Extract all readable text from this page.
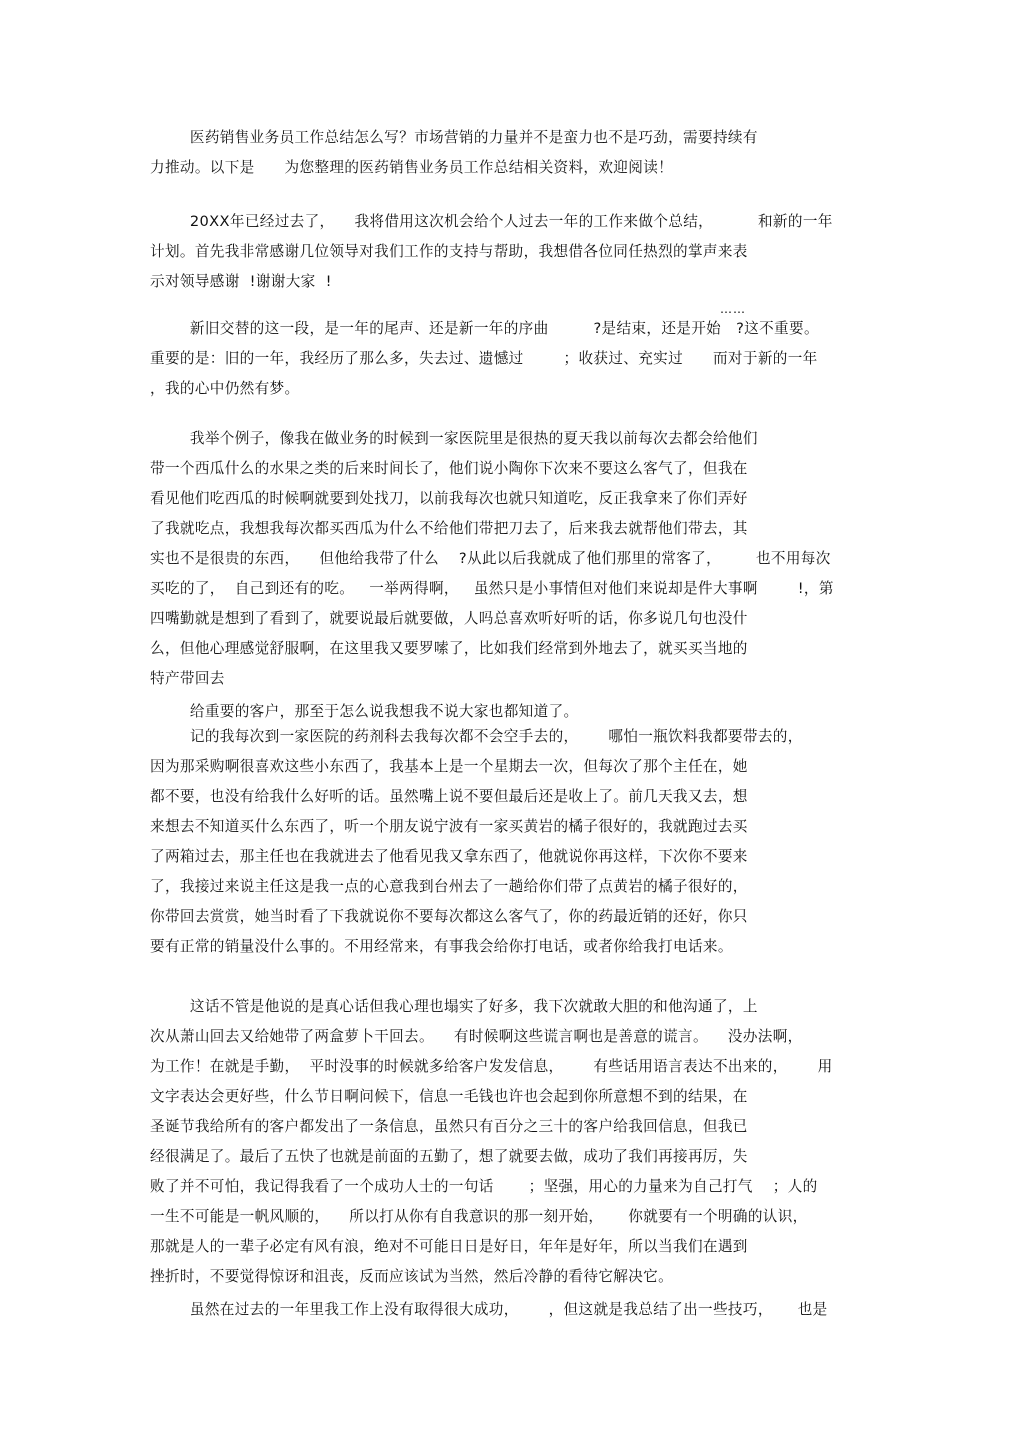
医药销售业务员工作总结怎么写？市场营销的力量并不是蛮力也不是巧劲，需要持续有
力推动。以下是      为您整理的医药销售业务员工作总结相关资料，欢迎阅读！
20XX年已经过去了，    我将借用这次机会给个人过去一年的工作来做个总结，         和新的一年
计划。首先我非常感谢几位领导对我们工作的支持与帮助，我想借各位同任热烈的掌声来表
示对领导感谢  !谢谢大家  !
……
新旧交替的这一段，是一年的尾声、还是新一年的序曲         ?是结束，还是开始   ?这不重要。
重要的是：旧的一年，我经历了那么多，失去过、遗憾过        ；收获过、充实过      而对于新的一年
，我的心中仍然有梦。
我举个例子，像我在做业务的时候到一家医院里是很热的夏天我以前每次去都会给他们
带一个西瓜什么的水果之类的后来时间长了，他们说小陶你下次来不要这么客气了，但我在
看见他们吃西瓜的时候啊就要到处找刀，以前我每次也就只知道吃，反正我拿来了你们弄好
了我就吃点，我想我每次都买西瓜为什么不给他们带把刀去了，后来我去就帮他们带去，其
实也不是很贵的东西，    但他给我带了什么    ?从此以后我就成了他们那里的常客了，       也不用每次
买吃的了，  自己到还有的吃。   一举两得啊，   虽然只是小事情但对他们来说却是件大事啊        !，第
四嘴勤就是想到了看到了，就要说最后就要做，人吗总喜欢听好听的话，你多说几句也没什
么，但他心理感觉舒服啊，在这里我又要罗嗦了，比如我们经常到外地去了，就买买当地的
特产带回去
给重要的客户，那至于怎么说我想我不说大家也都知道了。
记的我每次到一家医院的药剂科去我每次都不会空手去的，      哪怕一瓶饮料我都要带去的，
因为那采购啊很喜欢这些小东西了，我基本上是一个星期去一次，但每次了那个主任在，她
都不要，也没有给我什么好听的话。虽然嘴上说不要但最后还是收上了。前几天我又去，想
来想去不知道买什么东西了，听一个朋友说宁波有一家买黄岩的橘子很好的，我就跑过去买
了两箱过去，那主任也在我就进去了他看见我又拿东西了，他就说你再这样，下次你不要来
了，我接过来说主任这是我一点的心意我到台州去了一趟给你们带了点黄岩的橘子很好的，
你带回去赏赏，她当时看了下我就说你不要每次都这么客气了，你的药最近销的还好，你只
要有正常的销量没什么事的。不用经常来，有事我会给你打电话，或者你给我打电话来。
这话不管是他说的是真心话但我心理也塌实了好多，我下次就敢大胆的和他沟通了，上
次从萧山回去又给她带了两盒萝卜干回去。    有时候啊这些谎言啊也是善意的谎言。    没办法啊，
为工作！在就是手勤，  平时没事的时候就多给客户发发信息，      有些话用语言表达不出来的，      用
文字表达会更好些，什么节日啊问候下，信息一毛钱也许也会起到你所意想不到的结果，在
圣诞节我给所有的客户都发出了一条信息，虽然只有百分之三十的客户给我回信息，但我已
经很满足了。最后了五快了也就是前面的五勤了，想了就要去做，成功了我们再接再厉，失
败了并不可怕，我记得我看了一个成功人士的一句话       ；坚强，用心的力量来为自己打气    ；人的
一生不可能是一帆风顺的，    所以打从你有自我意识的那一刻开始，     你就要有一个明确的认识，
那就是人的一辈子必定有风有浪，绝对不可能日日是好日，年年是好年，所以当我们在遇到
挫折时，不要觉得惊讶和沮丧，反而应该试为当然，然后冷静的看待它解决它。
虽然在过去的一年里我工作上没有取得很大成功，      ，但这就是我总结了出一些技巧，     也是
